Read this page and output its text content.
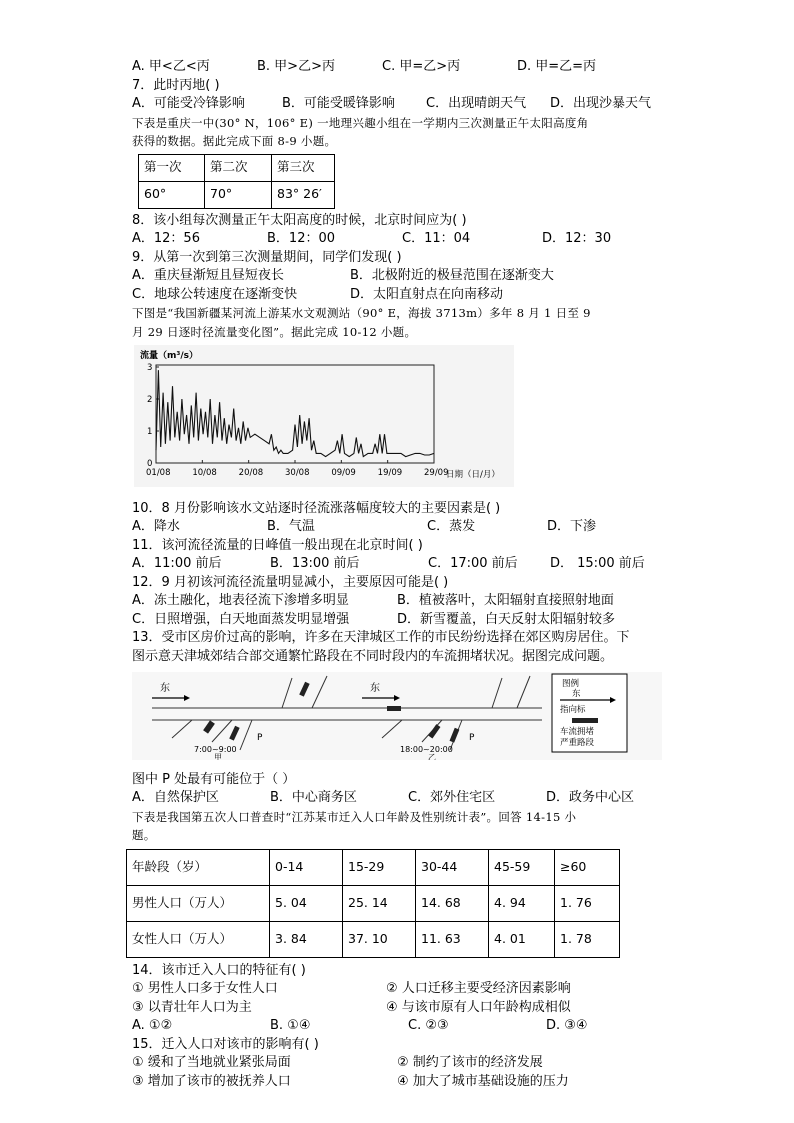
A. 甲<乙<丙	B. 甲>乙>丙	C. 甲=乙>丙	D. 甲=乙=丙
7．此时丙地( )
A．可能受冷锋影响	B．可能受暖锋影响	C．出现晴朗天气	D．出现沙暴天气
下表是重庆一中(30° N，106° E) 一地理兴趣小组在一学期内三次测量正午太阳高度角
获得的数据。据此完成下面 8-9 小题。
第一次	第二次	第三次
60°	70°	83° 26′
8．该小组每次测量正午太阳高度的时候，北京时间应为( )
A．12：56	B．12：00	C．11：04	D．12：30
9．从第一次到第三次测量期间，同学们发现( )
A．重庆昼渐短且昼短夜长	B．北极附近的极昼范围在逐渐变大
C．地球公转速度在逐渐变快	D．太阳直射点在向南移动
下图是“我国新疆某河流上游某水文观测站（90° E，海拔 3713m）多年 8 月 1 日至 9
月 29 日逐时径流量变化图”。据此完成 10-12 小题。
流量（m³/s）
0
1
2
3
01/08	10/08	20/08	30/08	09/09	19/09	29/09
日期（日/月）
10．8 月份影响该水文站逐时径流涨落幅度较大的主要因素是( )
A．降水	B．气温	C．蒸发	D．下渗
11．该河流径流量的日峰值一般出现在北京时间( )
A．11:00 前后	B．13:00 前后	C．17:00 前后	D． 15:00 前后
12．9 月初该河流径流量明显减小，主要原因可能是( )
A．冻土融化，地表径流下渗增多明显	B．植被落叶，太阳辐射直接照射地面
C．日照增强，白天地面蒸发明显增强	D．新雪覆盖，白天反射太阳辐射较多
13．受市区房价过高的影响，许多在天津城区工作的市民纷纷选择在郊区购房居住。下
图示意天津城郊结合部交通繁忙路段在不同时段内的车流拥堵状况。据图完成问题。
东
P
7:00~9:00
甲
东
P
18:00~20:00
乙
图例
东
指向标
车流拥堵
严重路段
图中 P 处最有可能位于（ ）
A．自然保护区	B．中心商务区	C．郊外住宅区	D．政务中心区
下表是我国第五次人口普查时“江苏某市迁入人口年龄及性别统计表”。回答 14-15 小
题。
年龄段（岁）	0-14	15-29	30-44	45-59	≥60
男性人口（万人）	5. 04	25. 14	14. 68	4. 94	1. 76
女性人口（万人）	3. 84	37. 10	11. 63	4. 01	1. 78
14．该市迁入人口的特征有( )
① 男性人口多于女性人口	② 人口迁移主要受经济因素影响
③ 以青壮年人口为主	④ 与该市原有人口年龄构成相似
A. ①②	B. ①④	C. ②③	D. ③④
15．迁入人口对该市的影响有( )
① 缓和了当地就业紧张局面	② 制约了该市的经济发展
③ 增加了该市的被抚养人口	④ 加大了城市基础设施的压力
